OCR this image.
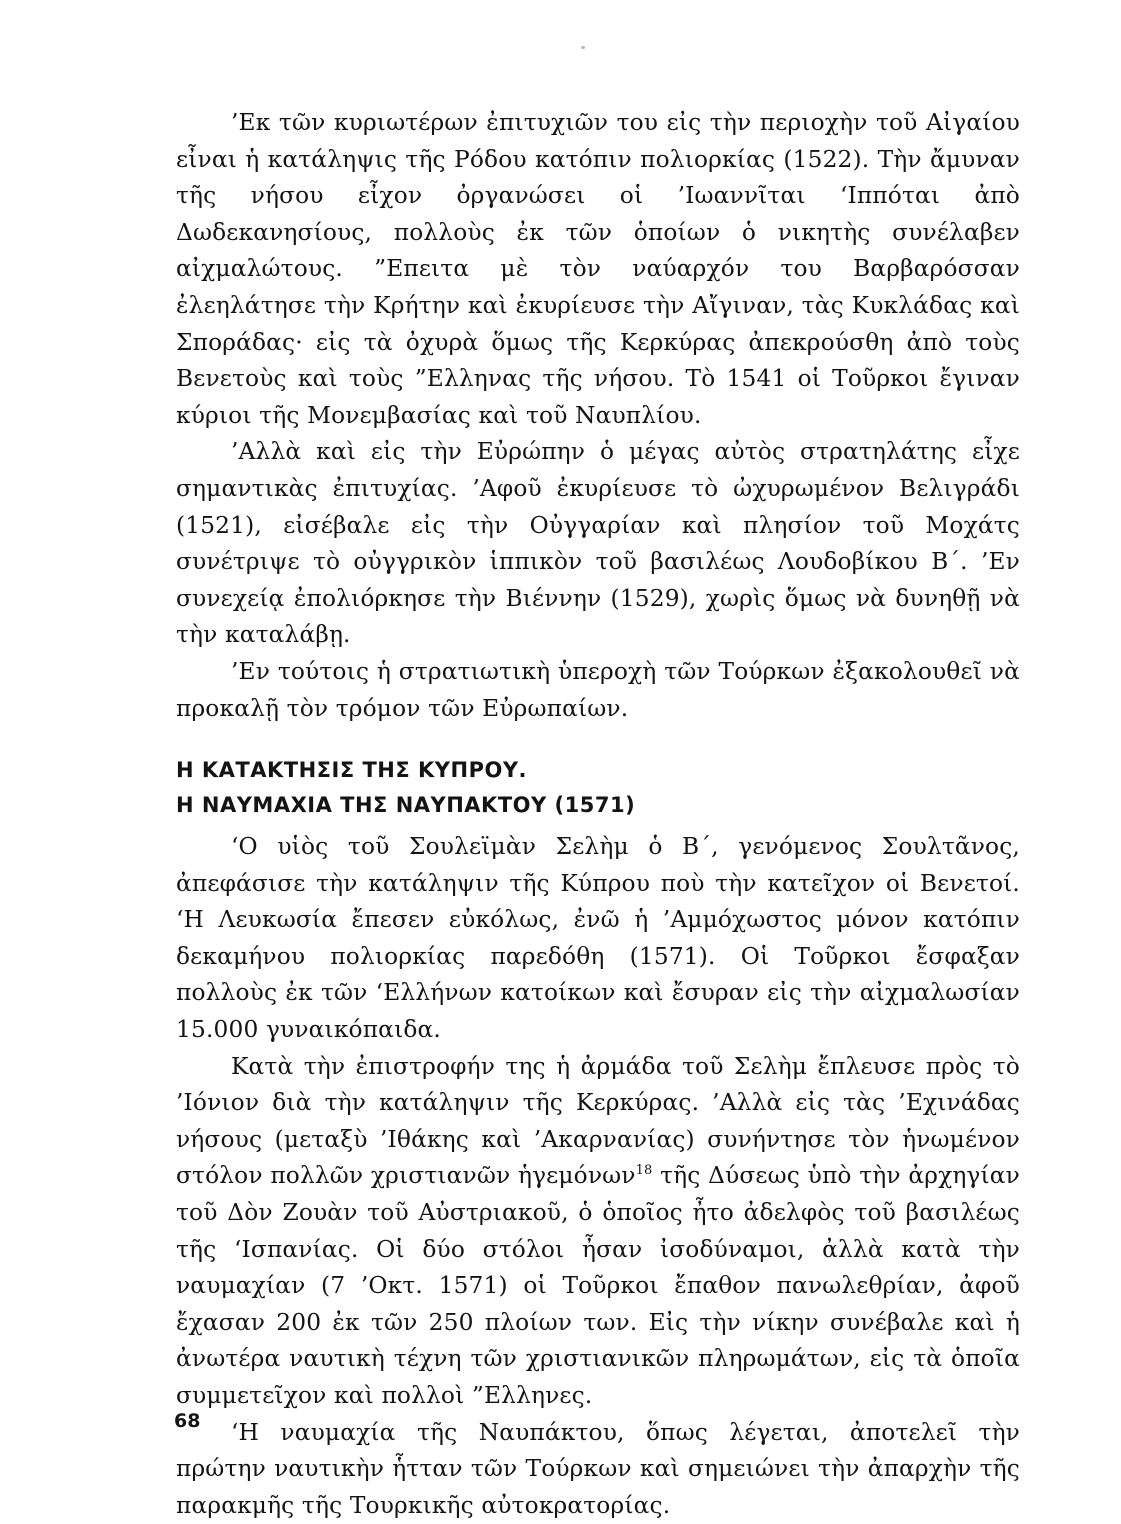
’Εκ τῶν κυριωτέρων ἐπιτυχιῶν του εἰς τὴν περιοχὴν τοῦ Αἰγαίου εἶναι ἡ κατάληψις τῆς Ρόδου κατόπιν πολιορκίας (1522). Τὴν ἄμυναν τῆς νήσου εἶχον ὀργανώσει οἱ ’Ιωαννῖται ‘Ιππόται ἀπὸ Δωδεκανησίους, πολλοὺς ἐκ τῶν ὁποίων ὁ νικητὴς συνέλαβεν αἰχμαλώτους. ”Επειτα μὲ τὸν ναύαρχόν του Βαρβαρόσσαν ἐλεηλάτησε τὴν Κρήτην καὶ ἐκυρίευσε τὴν Αἴγιναν, τὰς Κυκλάδας καὶ Σποράδας· εἰς τὰ ὀχυρὰ ὅμως τῆς Κερκύρας ἀπεκρούσθη ἀπὸ τοὺς Βενετοὺς καὶ τοὺς ”Ελληνας τῆς νήσου. Τὸ 1541 οἱ Τοῦρκοι ἔγιναν κύριοι τῆς Μονεμβασίας καὶ τοῦ Ναυπλίου.

’Αλλὰ καὶ εἰς τὴν Εὐρώπην ὁ μέγας αὐτὸς στρατηλάτης εἶχε σημαντικὰς ἐπιτυχίας. ’Αφοῦ ἐκυρίευσε τὸ ὠχυρωμένον Βελιγράδι (1521), εἰσέβαλε εἰς τὴν Οὐγγαρίαν καὶ πλησίον τοῦ Μοχάτς συνέτριψε τὸ οὐγγρικὸν ἱππικὸν τοῦ βασιλέως Λουδοβίκου Β΄. ’Εν συνεχείᾳ ἐπολιόρκησε τὴν Βιέννην (1529), χωρὶς ὅμως νὰ δυνηθῇ νὰ τὴν καταλάβῃ.

’Εν τούτοις ἡ στρατιωτικὴ ὑπεροχὴ τῶν Τούρκων ἐξακολουθεῖ νὰ προκαλῇ τὸν τρόμον τῶν Εὐρωπαίων.

Η ΚΑΤΑΚΤΗΣΙΣ ΤΗΣ ΚΥΠΡΟΥ.

Η ΝΑΥΜΑΧΙΑ ΤΗΣ ΝΑΥΠΑΚΤΟΥ (1571)

‘Ο υἱὸς τοῦ Σουλεϊμὰν Σελὴμ ὁ Β΄, γενόμενος Σουλτᾶνος, ἀπεφάσισε τὴν κατάληψιν τῆς Κύπρου ποὺ τὴν κατεῖχον οἱ Βενετοί. ‘Η Λευκωσία ἔπεσεν εὐκόλως, ἐνῶ ἡ ’Αμμόχωστος μόνον κατόπιν δεκαμήνου πολιορκίας παρεδόθη (1571). Οἱ Τοῦρκοι ἔσφαξαν πολλοὺς ἐκ τῶν ‘Ελλήνων κατοίκων καὶ ἔσυραν εἰς τὴν αἰχμαλωσίαν 15.000 γυναικόπαιδα.

Κατὰ τὴν ἐπιστροφήν της ἡ ἀρμάδα τοῦ Σελὴμ ἔπλευσε πρὸς τὸ ’Ιόνιον διὰ τὴν κατάληψιν τῆς Κερκύρας. ’Αλλὰ εἰς τὰς ’Εχινάδας νήσους (μεταξὺ ’Ιθάκης καὶ ’Ακαρνανίας) συνήντησε τὸν ἡνωμένον στόλον πολλῶν χριστιανῶν ἡγεμόνων$^{18}$ τῆς Δύσεως ὑπὸ τὴν ἀρχηγίαν τοῦ Δὸν Ζουὰν τοῦ Αὐστριακοῦ, ὁ ὁποῖος ἦτο ἀδελφὸς τοῦ βασιλέως τῆς ‘Ισπανίας. Οἱ δύο στόλοι ἦσαν ἰσοδύναμοι, ἀλλὰ κατὰ τὴν ναυμαχίαν (7 ’Οκτ. 1571) οἱ Τοῦρκοι ἔπαθον πανωλεθρίαν, ἀφοῦ ἔχασαν 200 ἐκ τῶν 250 πλοίων των. Εἰς τὴν νίκην συνέβαλε καὶ ἡ ἀνωτέρα ναυτικὴ τέχνη τῶν χριστιανικῶν πληρωμάτων, εἰς τὰ ὁποῖα συμμετεῖχον καὶ πολλοὶ ”Ελληνες.

‘Η ναυμαχία τῆς Ναυπάκτου, ὅπως λέγεται, ἀποτελεῖ τὴν πρώτην ναυτικὴν ἧτταν τῶν Τούρκων καὶ σημειώνει τὴν ἀπαρχὴν τῆς παρακμῆς τῆς Τουρκικῆς αὐτοκρατορίας.

68
